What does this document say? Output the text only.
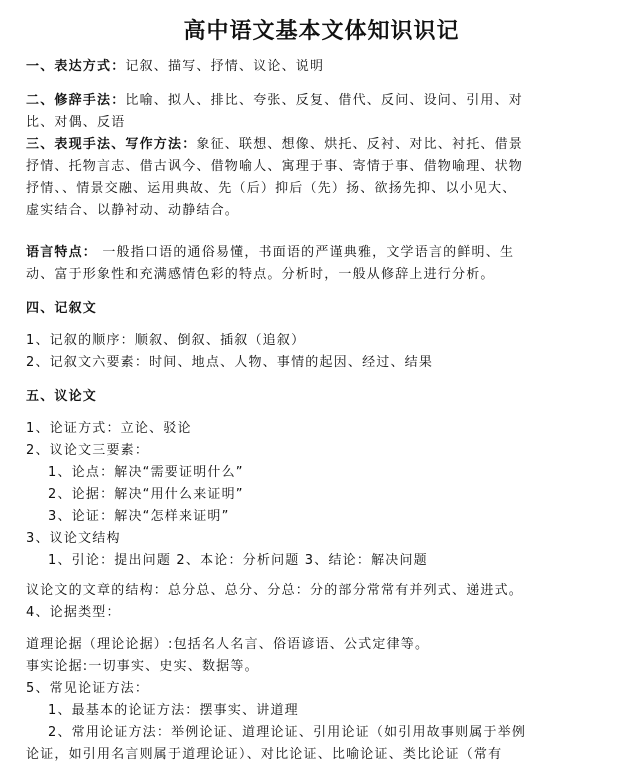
高中语文基本文体知识识记
一、表达方式：记叙、描写、抒情、议论、说明
二、修辞手法：比喻、拟人、排比、夸张、反复、借代、反问、设问、引用、对
比、对偶、反语
三、表现手法、写作方法：象征、联想、想像、烘托、反衬、对比、衬托、借景
抒情、托物言志、借古讽今、借物喻人、寓理于事、寄情于事、借物喻理、状物
抒情、、情景交融、运用典故、先（后）抑后（先）扬、欲扬先抑、以小见大、
虚实结合、以静衬动、动静结合。
语言特点： 一般指口语的通俗易懂，书面语的严谨典雅，文学语言的鲜明、生
动、富于形象性和充满感情色彩的特点。分析时，一般从修辞上进行分析。
四、记叙文
1、记叙的顺序：顺叙、倒叙、插叙（追叙）
2、记叙文六要素：时间、地点、人物、事情的起因、经过、结果
五、议论文
1、论证方式：立论、驳论
2、议论文三要素：
1、论点：解决“需要证明什么”
2、论据：解决“用什么来证明”
3、论证：解决“怎样来证明”
3、议论文结构
1、引论：提出问题 2、本论：分析问题 3、结论：解决问题
议论文的文章的结构：总分总、总分、分总：分的部分常常有并列式、递进式。
4、论据类型：
道理论据（理论论据）:包括名人名言、俗语谚语、公式定律等。
事实论据:一切事实、史实、数据等。
5、常见论证方法：
1、最基本的论证方法：摆事实、讲道理
2、常用论证方法：举例论证、道理论证、引用论证（如引用故事则属于举例
论证，如引用名言则属于道理论证）、对比论证、比喻论证、类比论证（常有
